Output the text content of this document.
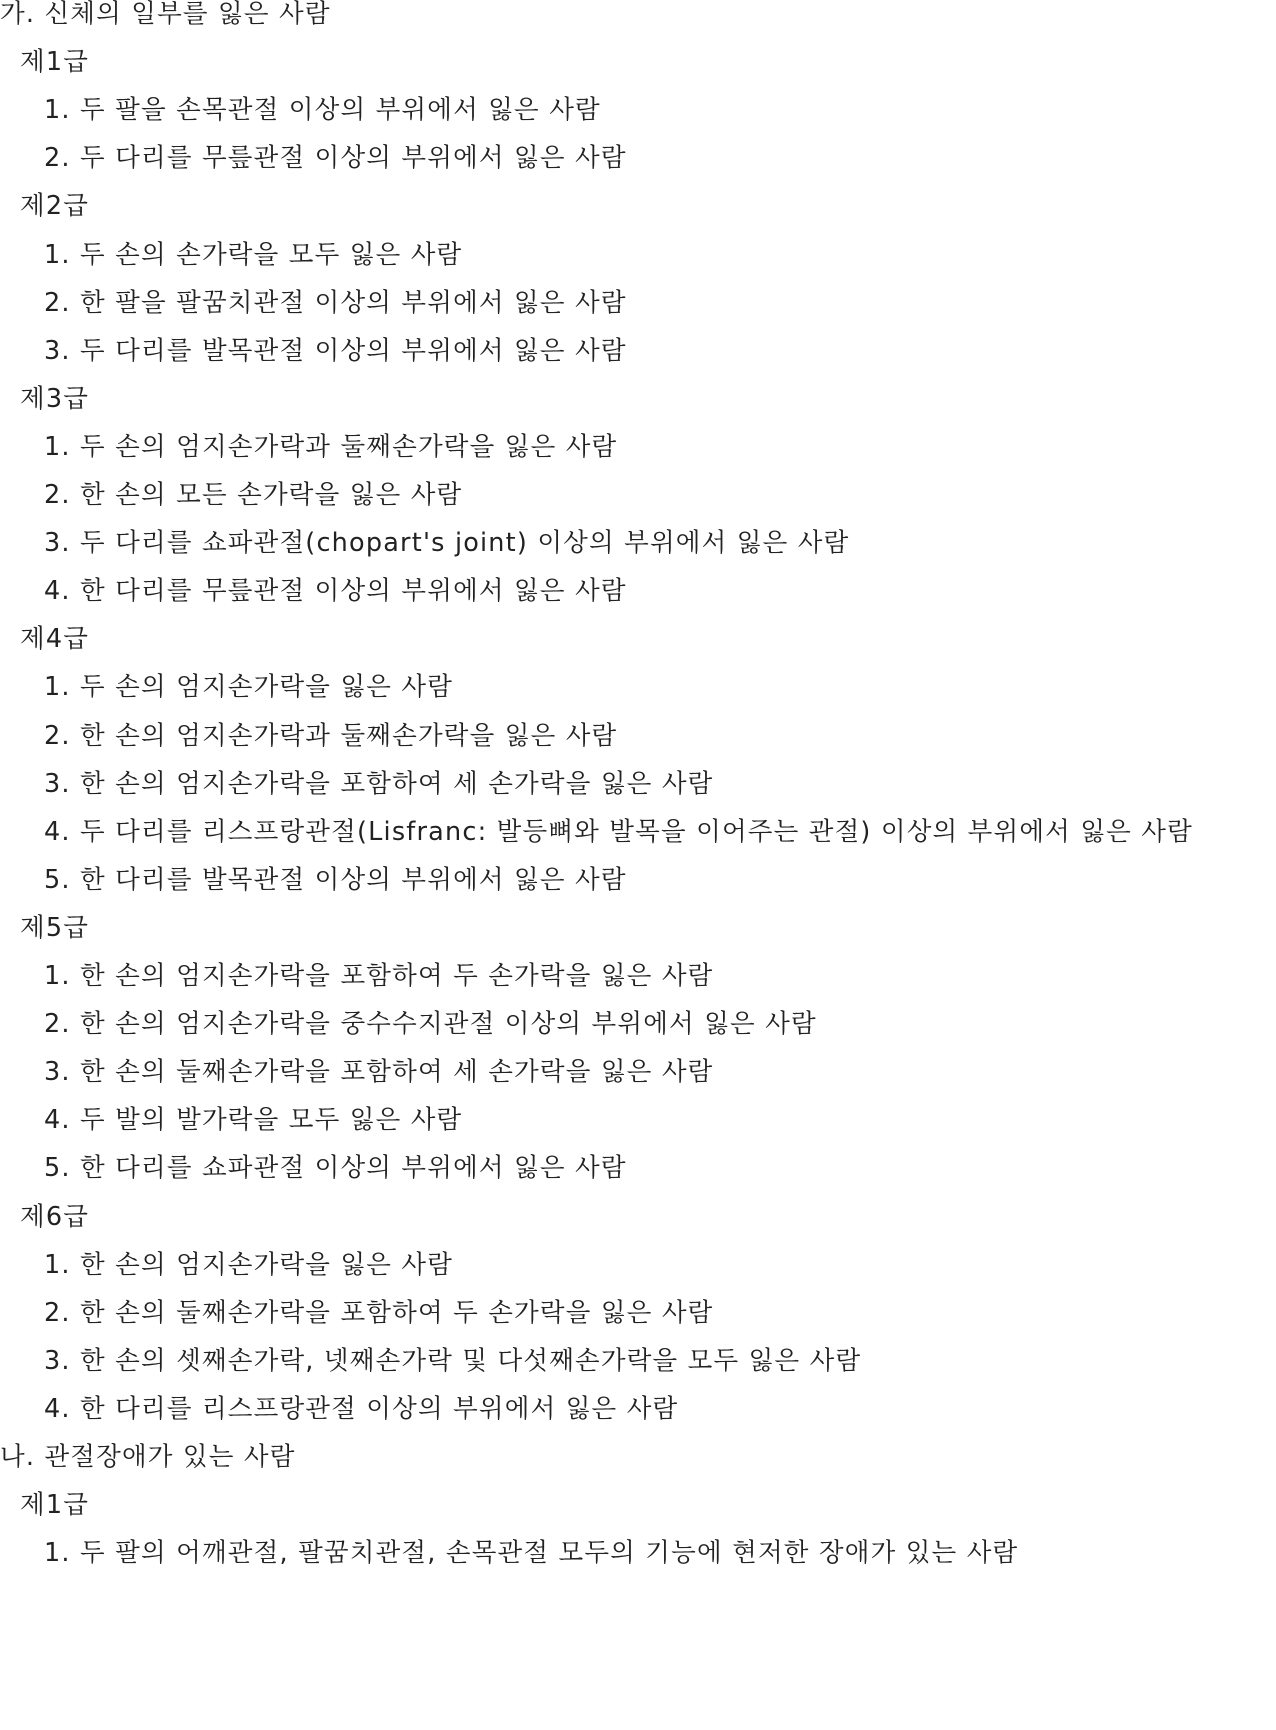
가. 신체의 일부를 잃은 사람
제1급
1. 두 팔을 손목관절 이상의 부위에서 잃은 사람
2. 두 다리를 무릎관절 이상의 부위에서 잃은 사람
제2급
1. 두 손의 손가락을 모두 잃은 사람
2. 한 팔을 팔꿈치관절 이상의 부위에서 잃은 사람
3. 두 다리를 발목관절 이상의 부위에서 잃은 사람
제3급
1. 두 손의 엄지손가락과 둘째손가락을 잃은 사람
2. 한 손의 모든 손가락을 잃은 사람
3. 두 다리를 쇼파관절(chopart's joint) 이상의 부위에서 잃은 사람
4. 한 다리를 무릎관절 이상의 부위에서 잃은 사람
제4급
1. 두 손의 엄지손가락을 잃은 사람
2. 한 손의 엄지손가락과 둘째손가락을 잃은 사람
3. 한 손의 엄지손가락을 포함하여 세 손가락을 잃은 사람
4. 두 다리를 리스프랑관절(Lisfranc: 발등뼈와 발목을 이어주는 관절) 이상의 부위에서 잃은 사람
5. 한 다리를 발목관절 이상의 부위에서 잃은 사람
제5급
1. 한 손의 엄지손가락을 포함하여 두 손가락을 잃은 사람
2. 한 손의 엄지손가락을 중수수지관절 이상의 부위에서 잃은 사람
3. 한 손의 둘째손가락을 포함하여 세 손가락을 잃은 사람
4. 두 발의 발가락을 모두 잃은 사람
5. 한 다리를 쇼파관절 이상의 부위에서 잃은 사람
제6급
1. 한 손의 엄지손가락을 잃은 사람
2. 한 손의 둘째손가락을 포함하여 두 손가락을 잃은 사람
3. 한 손의 셋째손가락, 넷째손가락 및 다섯째손가락을 모두 잃은 사람
4. 한 다리를 리스프랑관절 이상의 부위에서 잃은 사람
나. 관절장애가 있는 사람
제1급
1. 두 팔의 어깨관절, 팔꿈치관절, 손목관절 모두의 기능에 현저한 장애가 있는 사람
